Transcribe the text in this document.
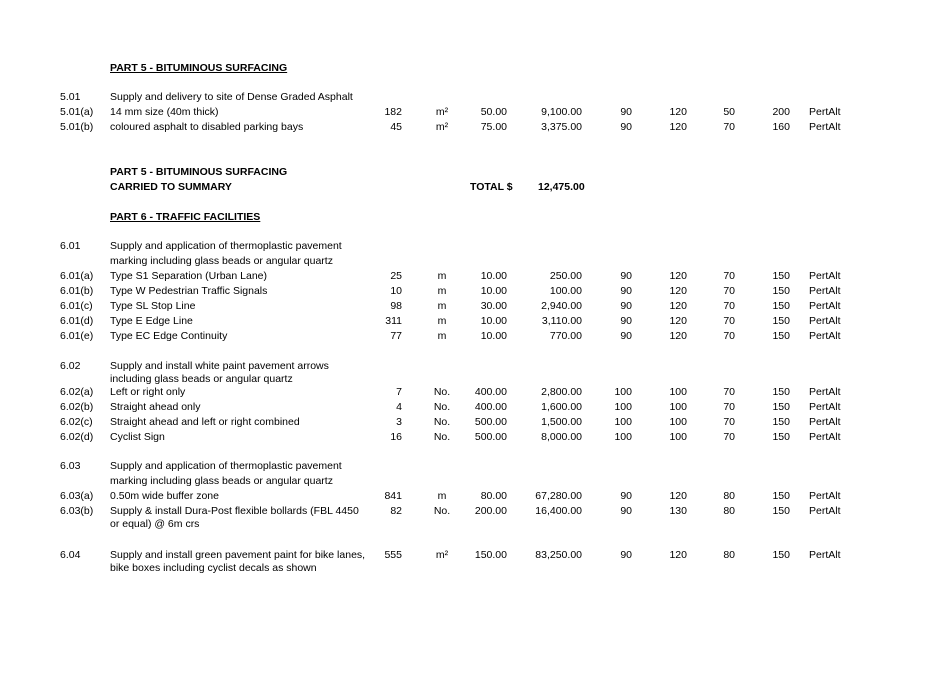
PART 5 - BITUMINOUS SURFACING
5.01	Supply and delivery to site of Dense Graded Asphalt
5.01(a) 14 mm size (40m thick)	182	m²	50.00	9,100.00	90	120	50	200 PertAlt
5.01(b) coloured asphalt to disabled parking bays	45	m²	75.00	3,375.00	90	120	70	160 PertAlt
PART 5 - BITUMINOUS SURFACING
CARRIED TO SUMMARY	TOTAL $ 12,475.00
PART 6 - TRAFFIC FACILITIES
6.01	Supply and application of thermoplastic pavement
marking including glass beads or angular quartz
6.01(a) Type S1 Separation (Urban Lane)	25	m	10.00	250.00	90	120	70	150 PertAlt
6.01(b) Type W Pedestrian Traffic Signals	10	m	10.00	100.00	90	120	70	150 PertAlt
6.01(c) Type SL Stop Line	98	m	30.00	2,940.00	90	120	70	150 PertAlt
6.01(d) Type E Edge Line	311	m	10.00	3,110.00	90	120	70	150 PertAlt
6.01(e) Type EC Edge Continuity	77	m	10.00	770.00	90	120	70	150 PertAlt
6.02	Supply and install white paint pavement arrows
including glass beads or angular quartz
6.02(a) Left or right only	7	No.	400.00	2,800.00	100	100	70	150 PertAlt
6.02(b) Straight ahead only	4	No.	400.00	1,600.00	100	100	70	150 PertAlt
6.02(c) Straight ahead and left or right combined	3	No.	500.00	1,500.00	100	100	70	150 PertAlt
6.02(d) Cyclist Sign	16	No.	500.00	8,000.00	100	100	70	150 PertAlt
6.03	Supply and application of thermoplastic pavement
marking including glass beads or angular quartz
6.03(a) 0.50m wide buffer zone	841	m	80.00	67,280.00	90	120	80	150 PertAlt
6.03(b) Supply & install Dura-Post flexible bollards (FBL 4450	82	No.	200.00	16,400.00	90	130	80	150 PertAlt
or equal) @ 6m crs
6.04	Supply and install green pavement paint for bike lanes,	555	m²	150.00	83,250.00	90	120	80	150 PertAlt
bike boxes including cyclist decals as shown
